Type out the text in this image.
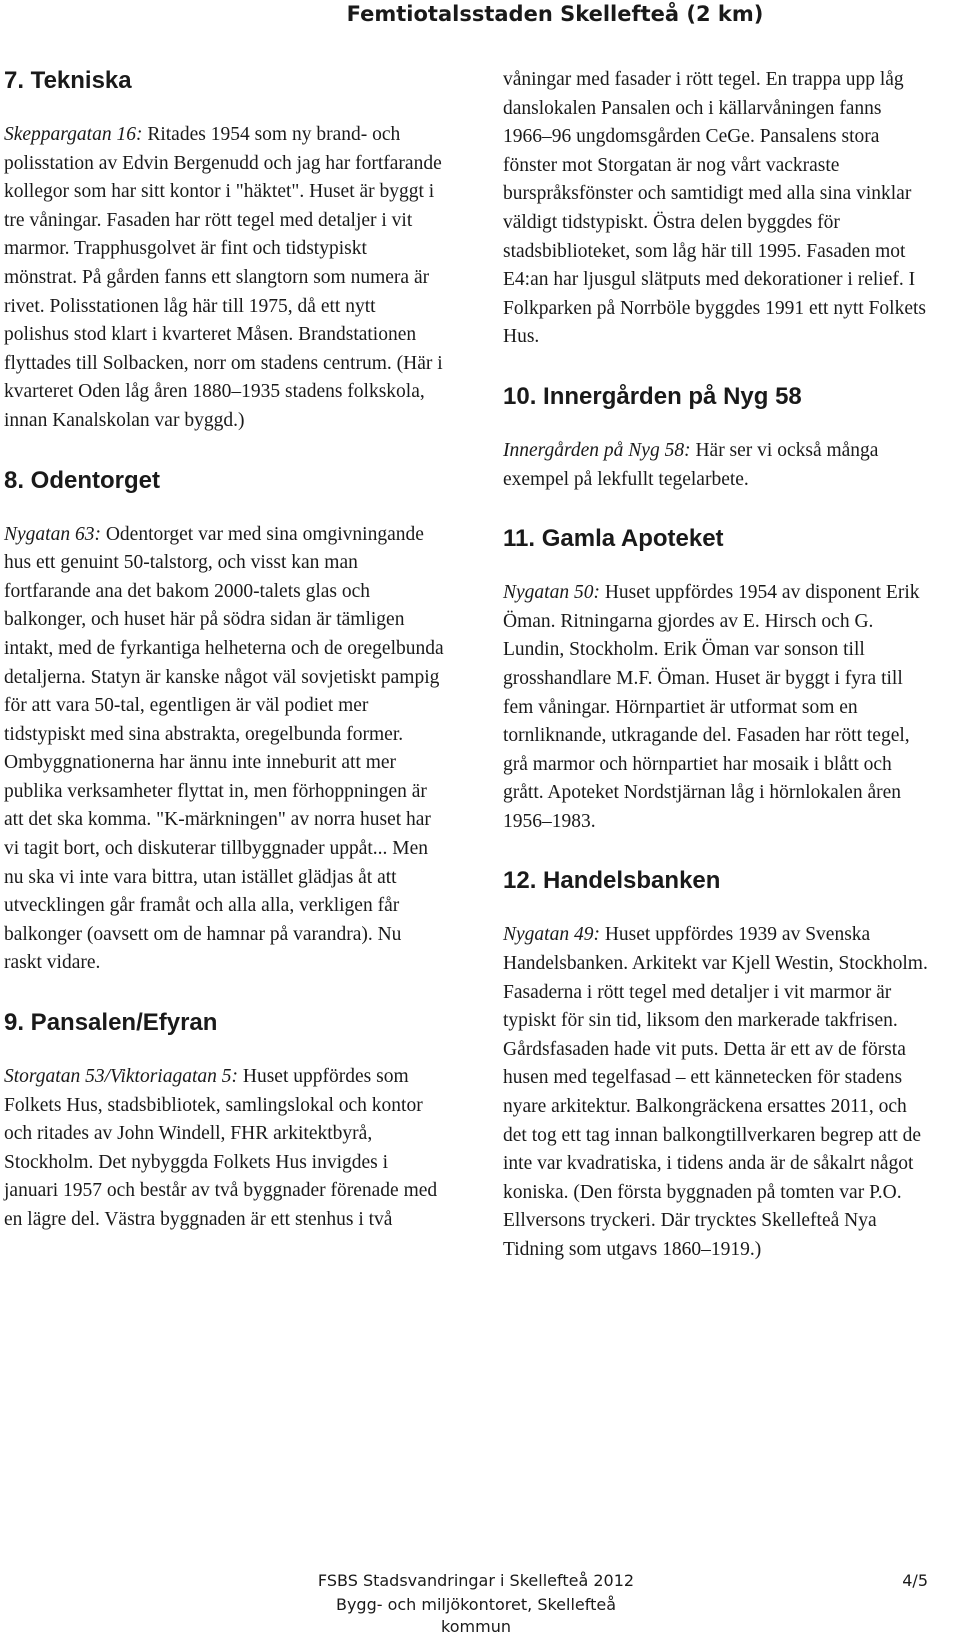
Femtiotalsstaden Skellefteå (2 km)
7. Tekniska

Skeppargatan 16: Ritades 1954 som ny brand- och polisstation av Edvin Bergenudd och jag har fortfarande kollegor som har sitt kontor i "häktet". Huset är byggt i tre våningar. Fasaden har rött tegel med detaljer i vit marmor. Trapphusgolvet är fint och tidstypiskt mönstrat. På gården fanns ett slangtorn som numera är rivet. Polisstationen låg här till 1975, då ett nytt polishus stod klart i kvarteret Måsen. Brandstationen flyttades till Solbacken, norr om stadens centrum. (Här i kvarteret Oden låg åren 1880–1935 stadens folkskola, innan Kanalskolan var byggd.)

8. Odentorget

Nygatan 63: Odentorget var med sina omgivningande hus ett genuint 50-talstorg, och visst kan man fortfarande ana det bakom 2000-talets glas och balkonger, och huset här på södra sidan är tämligen intakt, med de fyrkantiga helheterna och de oregelbunda detaljerna. Statyn är kanske något väl sovjetiskt pampig för att vara 50-tal, egentligen är väl podiet mer tidstypiskt med sina abstrakta, oregelbunda former. Ombyggnationerna har ännu inte inneburit att mer publika verksamheter flyttat in, men förhoppningen är att det ska komma. "K-märkningen" av norra huset har vi tagit bort, och diskuterar tillbyggnader uppåt... Men nu ska vi inte vara bittra, utan istället glädjas åt att utvecklingen går framåt och alla alla, verkligen får balkonger (oavsett om de hamnar på varandra). Nu raskt vidare.

9. Pansalen/Efyran

Storgatan 53/Viktoriagatan 5: Huset uppfördes som Folkets Hus, stadsbibliotek, samlingslokal och kontor och ritades av John Windell, FHR arkitektbyrå, Stockholm. Det nybyggda Folkets Hus invigdes i januari 1957 och består av två byggnader förenade med en lägre del. Västra byggnaden är ett stenhus i två

våningar med fasader i rött tegel. En trappa upp låg danslokalen Pansalen och i källarvåningen fanns 1966–96 ungdomsgården CeGe. Pansalens stora fönster mot Storgatan är nog vårt vackraste burspråksfönster och samtidigt med alla sina vinklar väldigt tidstypiskt. Östra delen byggdes för stadsbiblioteket, som låg här till 1995. Fasaden mot E4:an har ljusgul slätputs med dekorationer i relief. I Folkparken på Norrböle byggdes 1991 ett nytt Folkets Hus.

10. Innergården på Nyg 58

Innergården på Nyg 58: Här ser vi också många exempel på lekfullt tegelarbete.

11. Gamla Apoteket

Nygatan 50: Huset uppfördes 1954 av disponent Erik Öman. Ritningarna gjordes av E. Hirsch och G. Lundin, Stockholm. Erik Öman var sonson till grosshandlare M.F. Öman. Huset är byggt i fyra till fem våningar. Hörnpartiet är utformat som en tornliknande, utkragande del. Fasaden har rött tegel, grå marmor och hörnpartiet har mosaik i blått och grått. Apoteket Nordstjärnan låg i hörnlokalen åren 1956–1983.

12. Handelsbanken

Nygatan 49: Huset uppfördes 1939 av Svenska Handelsbanken. Arkitekt var Kjell Westin, Stockholm. Fasaderna i rött tegel med detaljer i vit marmor är typiskt för sin tid, liksom den markerade takfrisen. Gårdsfasaden hade vit puts. Detta är ett av de första husen med tegelfasad – ett kännetecken för stadens nyare arkitektur. Balkongräckena ersattes 2011, och det tog ett tag innan balkongtillverkaren begrep att de inte var kvadratiska, i tidens anda är de såkalrt något koniska. (Den första byggnaden på tomten var P.O. Ellversons tryckeri. Där trycktes Skellefteå Nya Tidning som utgavs 1860–1919.)

FSBS Stadsvandringar i Skellefteå 2012	4/5
Bygg- och miljökontoret, Skellefteå kommun
